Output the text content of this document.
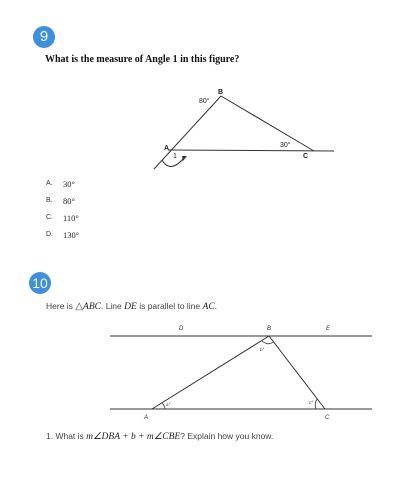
9

What is the measure of Angle 1 in this figure?

B
80°
A
1
30°
C
D	B	E
A	C
b°
a°	c°
A.	30°
B.	80°
C.	110°
D.	130°
10
Here is △ABC. Line DE is parallel to line AC.
1. What is m∠DBA + b + m∠CBE? Explain how you know.
